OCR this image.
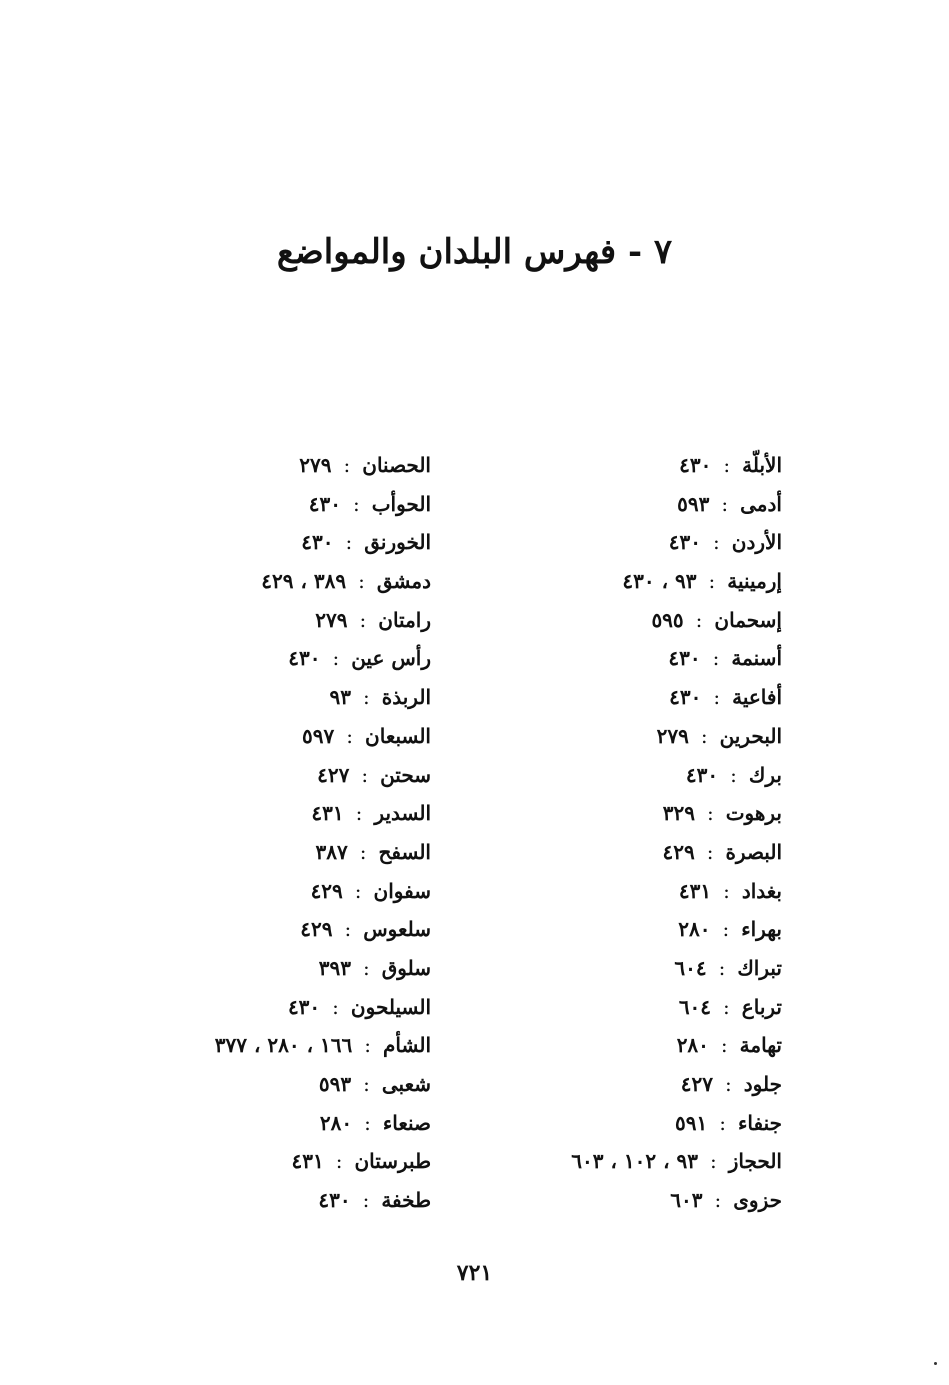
٧ - فهرس البلدان والمواضع
الأبلّة
:
٤٣٠
أدمى
:
٥٩٣
الأردن
:
٤٣٠
إرمينية
:
٩٣ ، ٤٣٠
إسحمان
:
٥٩٥
أسنمة
:
٤٣٠
أفاعية
:
٤٣٠
البحرين
:
٢٧٩
برك
:
٤٣٠
برهوت
:
٣٢٩
البصرة
:
٤٢٩
بغداد
:
٤٣١
بهراء
:
٢٨٠
تبراك
:
٦٠٤
ترباع
:
٦٠٤
تهامة
:
٢٨٠
جلود
:
٤٢٧
جنفاء
:
٥٩١
الحجاز
:
٩٣ ، ١٠٢ ، ٦٠٣
حزوى
:
٦٠٣
الحصنان
:
٢٧٩
الحوأب
:
٤٣٠
الخورنق
:
٤٣٠
دمشق
:
٣٨٩ ، ٤٢٩
رامتان
:
٢٧٩
رأس عين
:
٤٣٠
الربذة
:
٩٣
السبعان
:
٥٩٧
سحتن
:
٤٢٧
السدير
:
٤٣١
السفح
:
٣٨٧
سفوان
:
٤٢٩
سلعوس
:
٤٢٩
سلوق
:
٣٩٣
السيلحون
:
٤٣٠
الشأم
:
١٦٦ ، ٢٨٠ ، ٣٧٧
شعبى
:
٥٩٣
صنعاء
:
٢٨٠
طبرستان
:
٤٣١
طخفة
:
٤٣٠
٧٢١
